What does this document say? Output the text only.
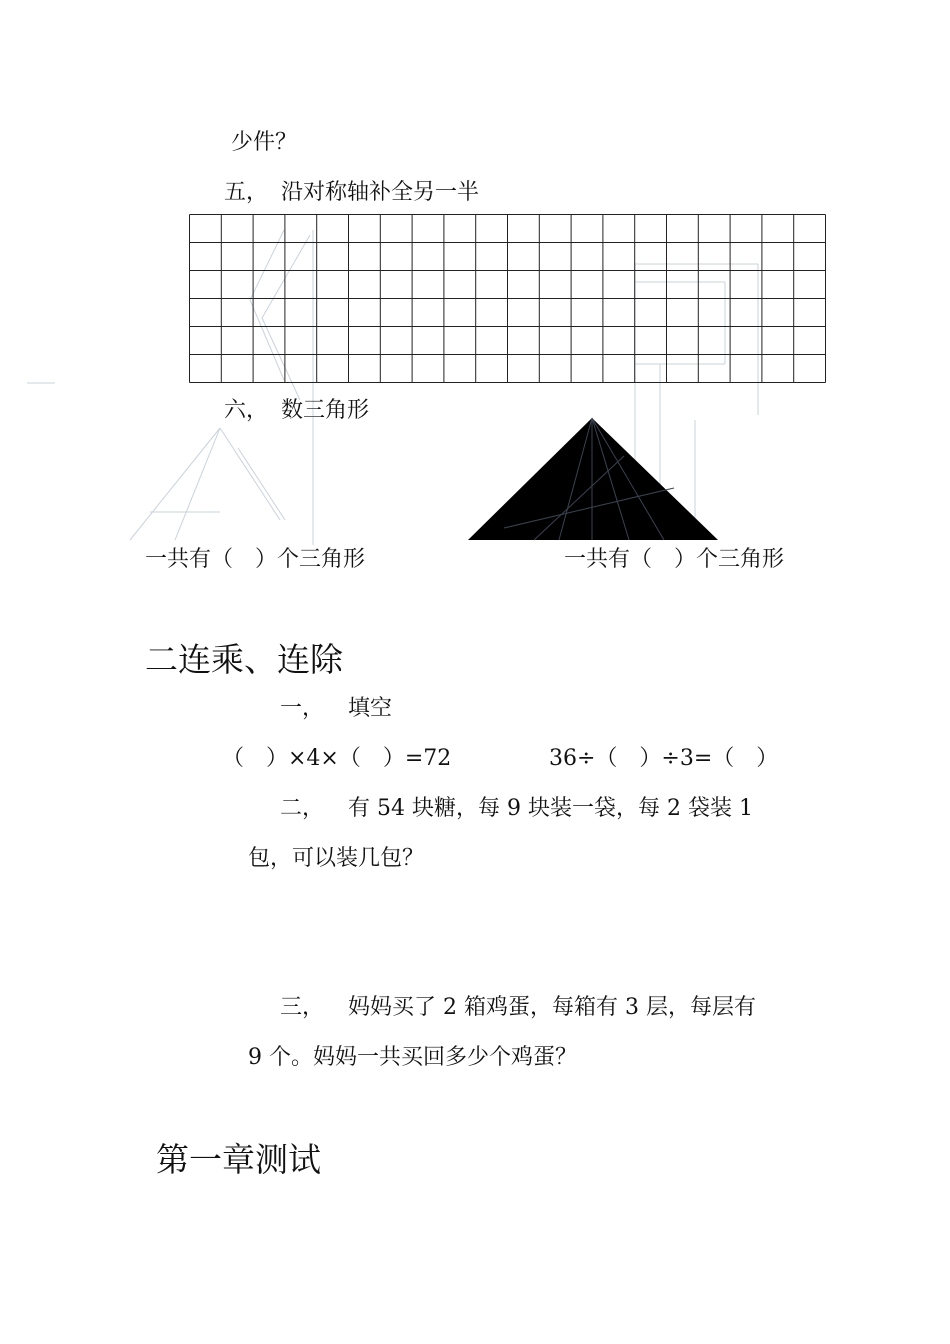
少件？
五， 沿对称轴补全另一半
六， 数三角形
一共有（　）个三角形	一共有（　）个三角形
二连乘、连除
一， 填空
（　）×4×（　）=72	36÷（　）÷3=（　）
二， 有 54 块糖，每 9 块装一袋，每 2 袋装 1
包，可以装几包？
三， 妈妈买了 2 箱鸡蛋，每箱有 3 层，每层有
9 个。妈妈一共买回多少个鸡蛋？
第一章测试
